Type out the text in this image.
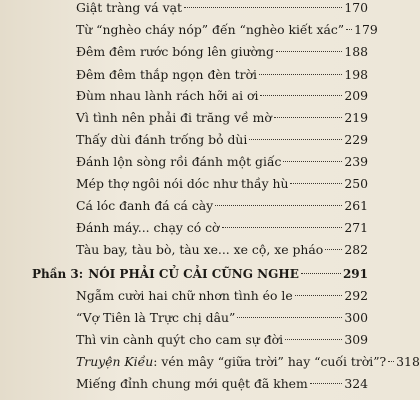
Giật tràng vá vạt	170
Từ “nghèo cháy nóp” đến “nghèo kiết xác” 179
Đêm đêm rước bóng lên giường	188
Đêm đêm thắp ngọn đèn trời	198
Đùm nhau lành rách hỡi ai ơi	209
Vì tình nên phải đi trăng về mờ	219
Thấy dùi đánh trống bỏ dùi	229
Đánh lộn sòng rồi đánh một giấc	239
Mép thợ ngôi nói dóc như thầy hù	250
Cá lóc đanh đá cá cày	261
Đánh máy... chạy có cờ	271
Tàu bay, tàu bò, tàu xe... xe cộ, xe pháo 282
Phần 3: NÓI PHẢI CỦ CẢI CŨNG NGHE	291
Ngẫm cười hai chữ nhơn tình éo le	292
“Vợ Tiên là Trực chị dâu”	300
Thì vin cành quýt cho cam sự đời	309
Truyện Kiều : vén mây “giữa trời” hay “cuối trời”? 318
Miếng đỉnh chung mới quệt đã khem	324
